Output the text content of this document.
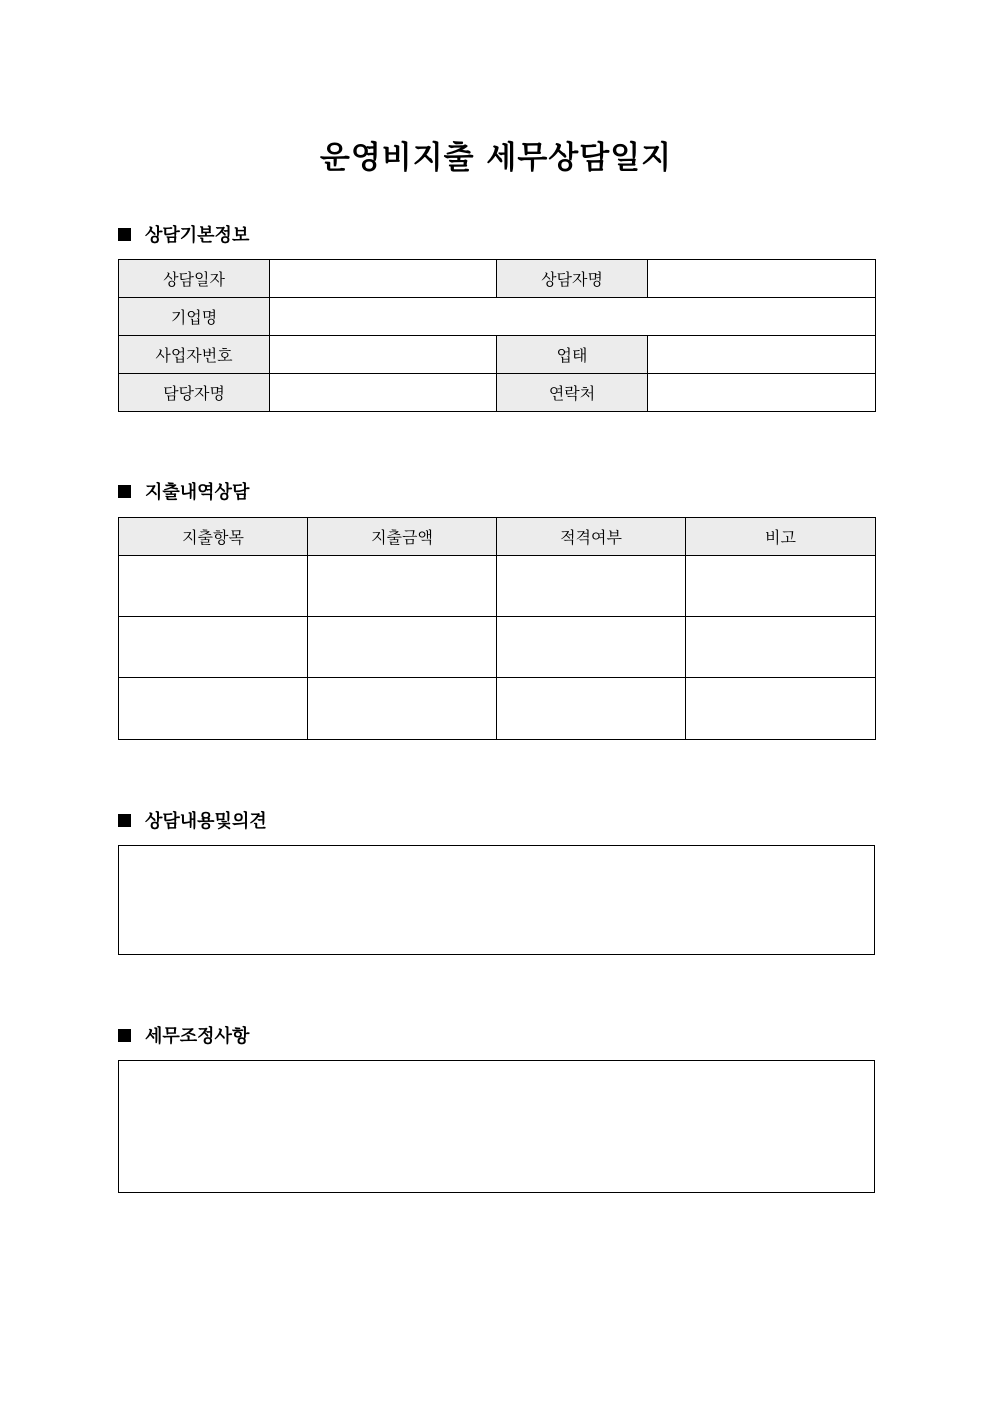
운영비지출 세무상담일지
상담기본정보
상담일자		상담자명	
기업명			
사업자번호		업태	
담당자명		연락처	
지출내역상담
지출항목	지출금액	적격여부	비고

상담내용및의견
세무조정사항
